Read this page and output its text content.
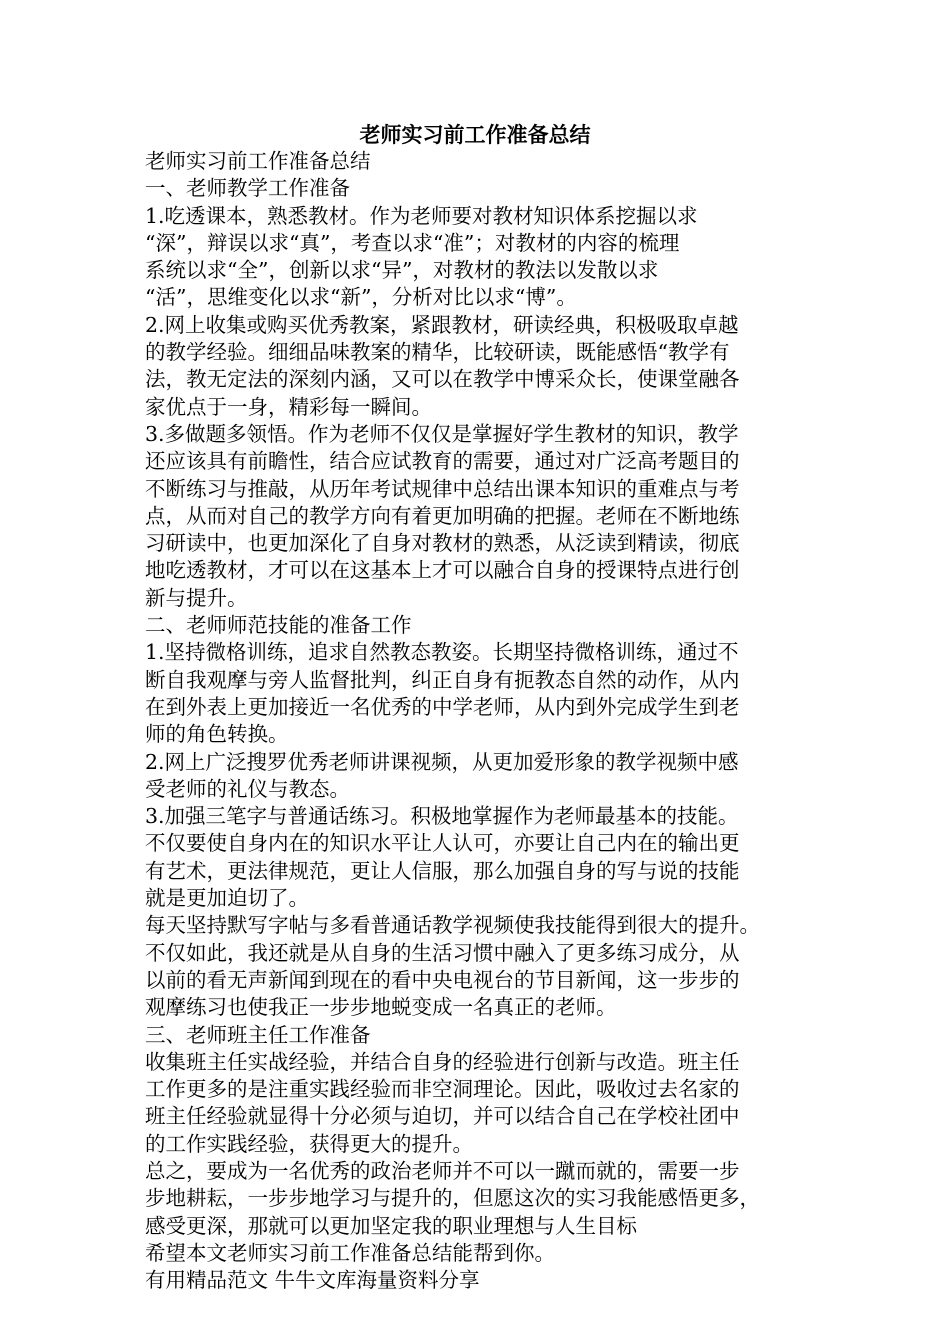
老师实习前工作准备总结
老师实习前工作准备总结
一、老师教学工作准备
1.吃透课本，熟悉教材。作为老师要对教材知识体系挖掘以求
“深”，辩误以求“真”，考查以求“准”；对教材的内容的梳理
系统以求“全”，创新以求“异”，对教材的教法以发散以求
“活”，思维变化以求“新”，分析对比以求“博”。
2.网上收集或购买优秀教案，紧跟教材，研读经典，积极吸取卓越
的教学经验。细细品味教案的精华，比较研读，既能感悟“教学有
法，教无定法的深刻内涵，又可以在教学中博采众长，使课堂融各
家优点于一身，精彩每一瞬间。
3.多做题多领悟。作为老师不仅仅是掌握好学生教材的知识，教学
还应该具有前瞻性，结合应试教育的需要，通过对广泛高考题目的
不断练习与推敲，从历年考试规律中总结出课本知识的重难点与考
点，从而对自己的教学方向有着更加明确的把握。老师在不断地练
习研读中，也更加深化了自身对教材的熟悉，从泛读到精读，彻底
地吃透教材，才可以在这基本上才可以融合自身的授课特点进行创
新与提升。
二、老师师范技能的准备工作
1.坚持微格训练，追求自然教态教姿。长期坚持微格训练，通过不
断自我观摩与旁人监督批判，纠正自身有扼教态自然的动作，从内
在到外表上更加接近一名优秀的中学老师，从内到外完成学生到老
师的角色转换。
2.网上广泛搜罗优秀老师讲课视频，从更加爱形象的教学视频中感
受老师的礼仪与教态。
3.加强三笔字与普通话练习。积极地掌握作为老师最基本的技能。
不仅要使自身内在的知识水平让人认可，亦要让自己内在的输出更
有艺术，更法律规范，更让人信服，那么加强自身的写与说的技能
就是更加迫切了。
每天坚持默写字帖与多看普通话教学视频使我技能得到很大的提升。
不仅如此，我还就是从自身的生活习惯中融入了更多练习成分，从
以前的看无声新闻到现在的看中央电视台的节目新闻，这一步步的
观摩练习也使我正一步步地蜕变成一名真正的老师。
三、老师班主任工作准备
收集班主任实战经验，并结合自身的经验进行创新与改造。班主任
工作更多的是注重实践经验而非空洞理论。因此，吸收过去名家的
班主任经验就显得十分必须与迫切，并可以结合自己在学校社团中
的工作实践经验，获得更大的提升。
总之，要成为一名优秀的政治老师并不可以一蹴而就的，需要一步
步地耕耘，一步步地学习与提升的，但愿这次的实习我能感悟更多，
感受更深，那就可以更加坚定我的职业理想与人生目标
希望本文老师实习前工作准备总结能帮到你。
有用精品范文 牛牛文库海量资料分享
